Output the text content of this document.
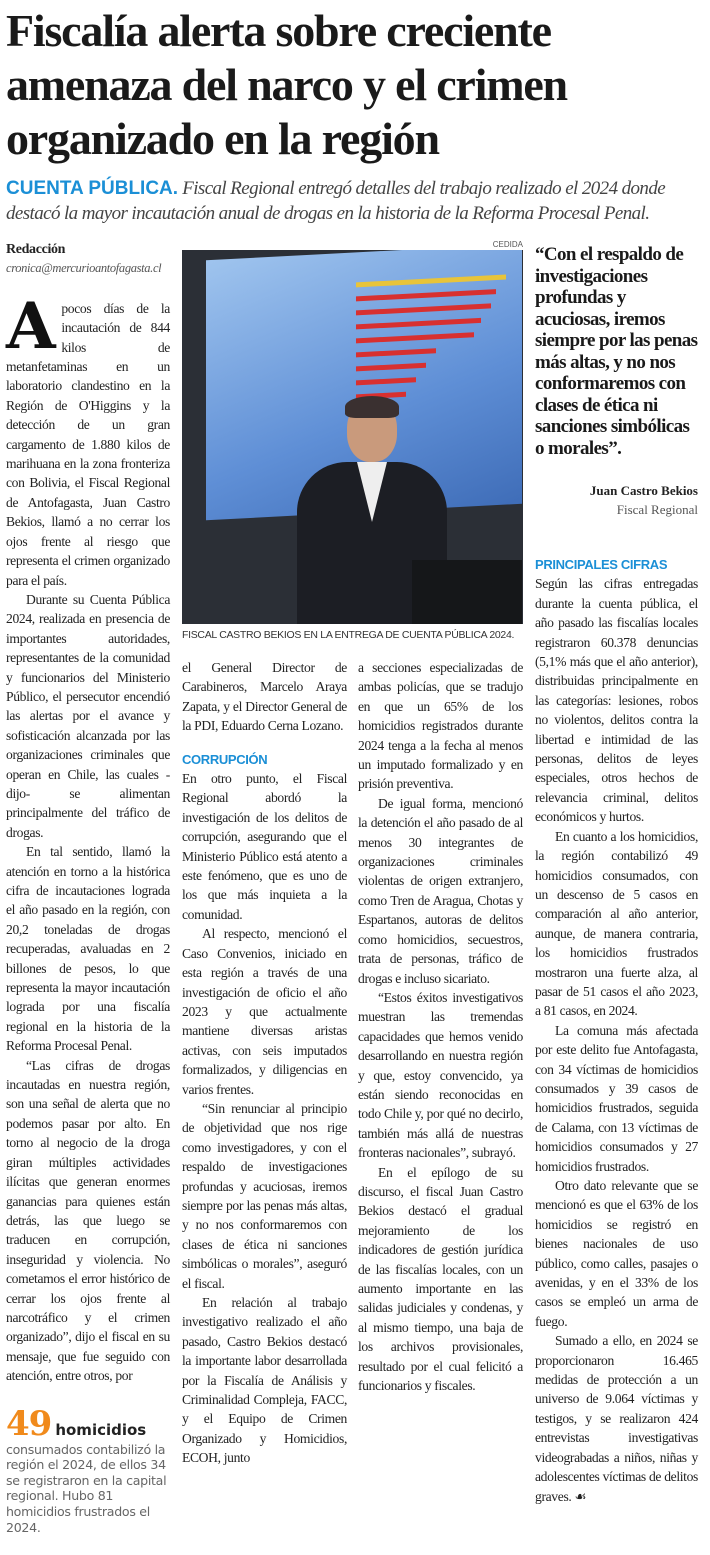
Fiscalía alerta sobre creciente amenaza del narco y el crimen organizado en la región
CUENTA PÚBLICA. Fiscal Regional entregó detalles del trabajo realizado el 2024 donde destacó la mayor incautación anual de drogas en la historia de la Reforma Procesal Penal.
Redacción
cronica@mercurioantofagasta.cl

Apocos días de la incautación de 844 kilos de metanfetaminas en un laboratorio clandestino en la Región de O'Higgins y la detección de un gran cargamento de 1.880 kilos de marihuana en la zona fronteriza con Bolivia, el Fiscal Regional de Antofagasta, Juan Castro Bekios, llamó a no cerrar los ojos frente al riesgo que representa el crimen organizado para el país.

Durante su Cuenta Pública 2024, realizada en presencia de importantes autoridades, representantes de la comunidad y funcionarios del Ministerio Público, el persecutor encendió las alertas por el avance y sofisticación alcanzada por las organizaciones criminales que operan en Chile, las cuales -dijo- se alimentan principalmente del tráfico de drogas.

En tal sentido, llamó la atención en torno a la histórica cifra de incautaciones lograda el año pasado en la región, con 20,2 toneladas de drogas recuperadas, avaluadas en 2 billones de pesos, lo que representa la mayor incautación lograda por una fiscalía regional en la historia de la Reforma Procesal Penal.

“Las cifras de drogas incautadas en nuestra región, son una señal de alerta que no podemos pasar por alto. En torno al negocio de la droga giran múltiples actividades ilícitas que generan enormes ganancias para quienes están detrás, las que luego se traducen en corrupción, inseguridad y violencia. No cometamos el error histórico de cerrar los ojos frente al narcotráfico y el crimen organizado”, dijo el fiscal en su mensaje, que fue seguido con atención, entre otros, por

49 homicidios
consumados contabilizó la región el 2024, de ellos 34 se registraron en la capital regional. Hubo 81 homicidios frustrados el 2024.
CEDIDA
FISCAL CASTRO BEKIOS EN LA ENTREGA DE CUENTA PÚBLICA 2024.

el General Director de Carabineros, Marcelo Araya Zapata, y el Director General de la PDI, Eduardo Cerna Lozano.

CORRUPCIÓN

En otro punto, el Fiscal Regional abordó la investigación de los delitos de corrupción, asegurando que el Ministerio Público está atento a este fenómeno, que es uno de los que más inquieta a la comunidad.

Al respecto, mencionó el Caso Convenios, iniciado en esta región a través de una investigación de oficio el año 2023 y que actualmente mantiene diversas aristas activas, con seis imputados formalizados, y diligencias en varios frentes.

“Sin renunciar al principio de objetividad que nos rige como investigadores, y con el respaldo de investigaciones profundas y acuciosas, iremos siempre por las penas más altas, y no nos conformaremos con clases de ética ni sanciones simbólicas o morales”, aseguró el fiscal.

En relación al trabajo investigativo realizado el año pasado, Castro Bekios destacó la importante labor desarrollada por la Fiscalía de Análisis y Criminalidad Compleja, FACC, y el Equipo de Crimen Organizado y Homicidios, ECOH, junto

a secciones especializadas de ambas policías, que se tradujo en que un 65% de los homicidios registrados durante 2024 tenga a la fecha al menos un imputado formalizado y en prisión preventiva.

De igual forma, mencionó la detención el año pasado de al menos 30 integrantes de organizaciones criminales violentas de origen extranjero, como Tren de Aragua, Chotas y Espartanos, autoras de delitos como homicidios, secuestros, trata de personas, tráfico de drogas e incluso sicariato.

“Estos éxitos investigativos muestran las tremendas capacidades que hemos venido desarrollando en nuestra región y que, estoy convencido, ya están siendo reconocidas en todo Chile y, por qué no decirlo, también más allá de nuestras fronteras nacionales”, subrayó.

En el epílogo de su discurso, el fiscal Juan Castro Bekios destacó el gradual mejoramiento de los indicadores de gestión jurídica de las fiscalías locales, con un aumento importante en las salidas judiciales y condenas, y al mismo tiempo, una baja de los archivos provisionales, resultado por el cual felicitó a funcionarios y fiscales.

“Con el respaldo de investigaciones profundas y acuciosas, iremos siempre por las penas más altas, y no nos conformaremos con clases de ética ni sanciones simbólicas o morales”.
Juan Castro Bekios
Fiscal Regional
PRINCIPALES CIFRAS

Según las cifras entregadas durante la cuenta pública, el año pasado las fiscalías locales registraron 60.378 denuncias (5,1% más que el año anterior), distribuidas principalmente en las categorías: lesiones, robos no violentos, delitos contra la libertad e intimidad de las personas, delitos de leyes especiales, otros hechos de relevancia criminal, delitos económicos y hurtos.

En cuanto a los homicidios, la región contabilizó 49 homicidios consumados, con un descenso de 5 casos en comparación al año anterior, aunque, de manera contraria, los homicidios frustrados mostraron una fuerte alza, al pasar de 51 casos el año 2023, a 81 casos, en 2024.

La comuna más afectada por este delito fue Antofagasta, con 34 víctimas de homicidios consumados y 39 casos de homicidios frustrados, seguida de Calama, con 13 víctimas de homicidios consumados y 27 homicidios frustrados.

Otro dato relevante que se mencionó es que el 63% de los homicidios se registró en bienes nacionales de uso público, como calles, pasajes o avenidas, y en el 33% de los casos se empleó un arma de fuego.

Sumado a ello, en 2024 se proporcionaron 16.465 medidas de protección a un universo de 9.064 víctimas y testigos, y se realizaron 424 entrevistas investigativas videograbadas a niños, niñas y adolescentes víctimas de delitos graves. ☙
